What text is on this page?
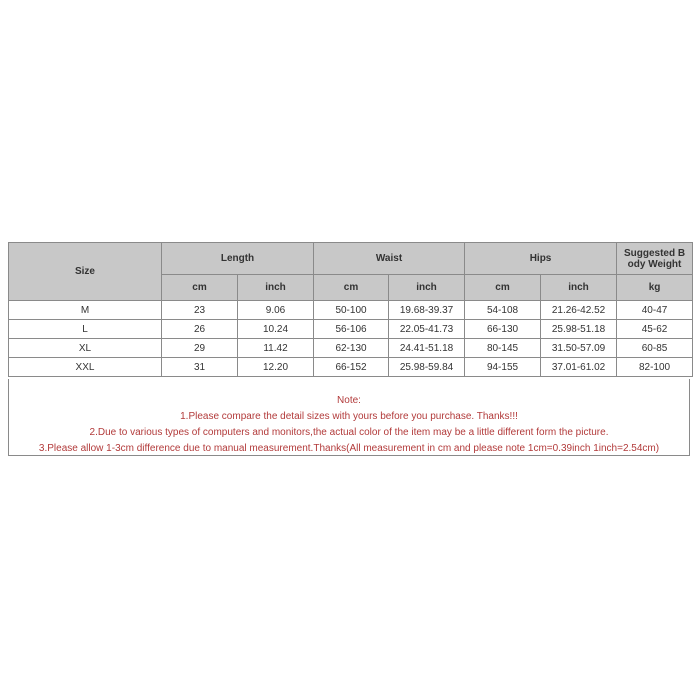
Size	Length		Waist		Hips		Suggested B ody Weight
	cm	inch	cm	inch	cm	inch	kg
M	23	9.06	50-100	19.68-39.37	54-108	21.26-42.52	40-47
L	26	10.24	56-106	22.05-41.73	66-130	25.98-51.18	45-62
XL	29	11.42	62-130	24.41-51.18	80-145	31.50-57.09	60-85
XXL	31	12.20	66-152	25.98-59.84	94-155	37.01-61.02	82-100
Note:
1.Please compare the detail sizes with yours before you purchase. Thanks!!!
2.Due to various types of computers and monitors,the actual color of the item may be a little different form the picture.
3.Please allow 1-3cm difference due to manual measurement.Thanks(All measurement in cm and please note 1cm=0.39inch 1inch=2.54cm)
